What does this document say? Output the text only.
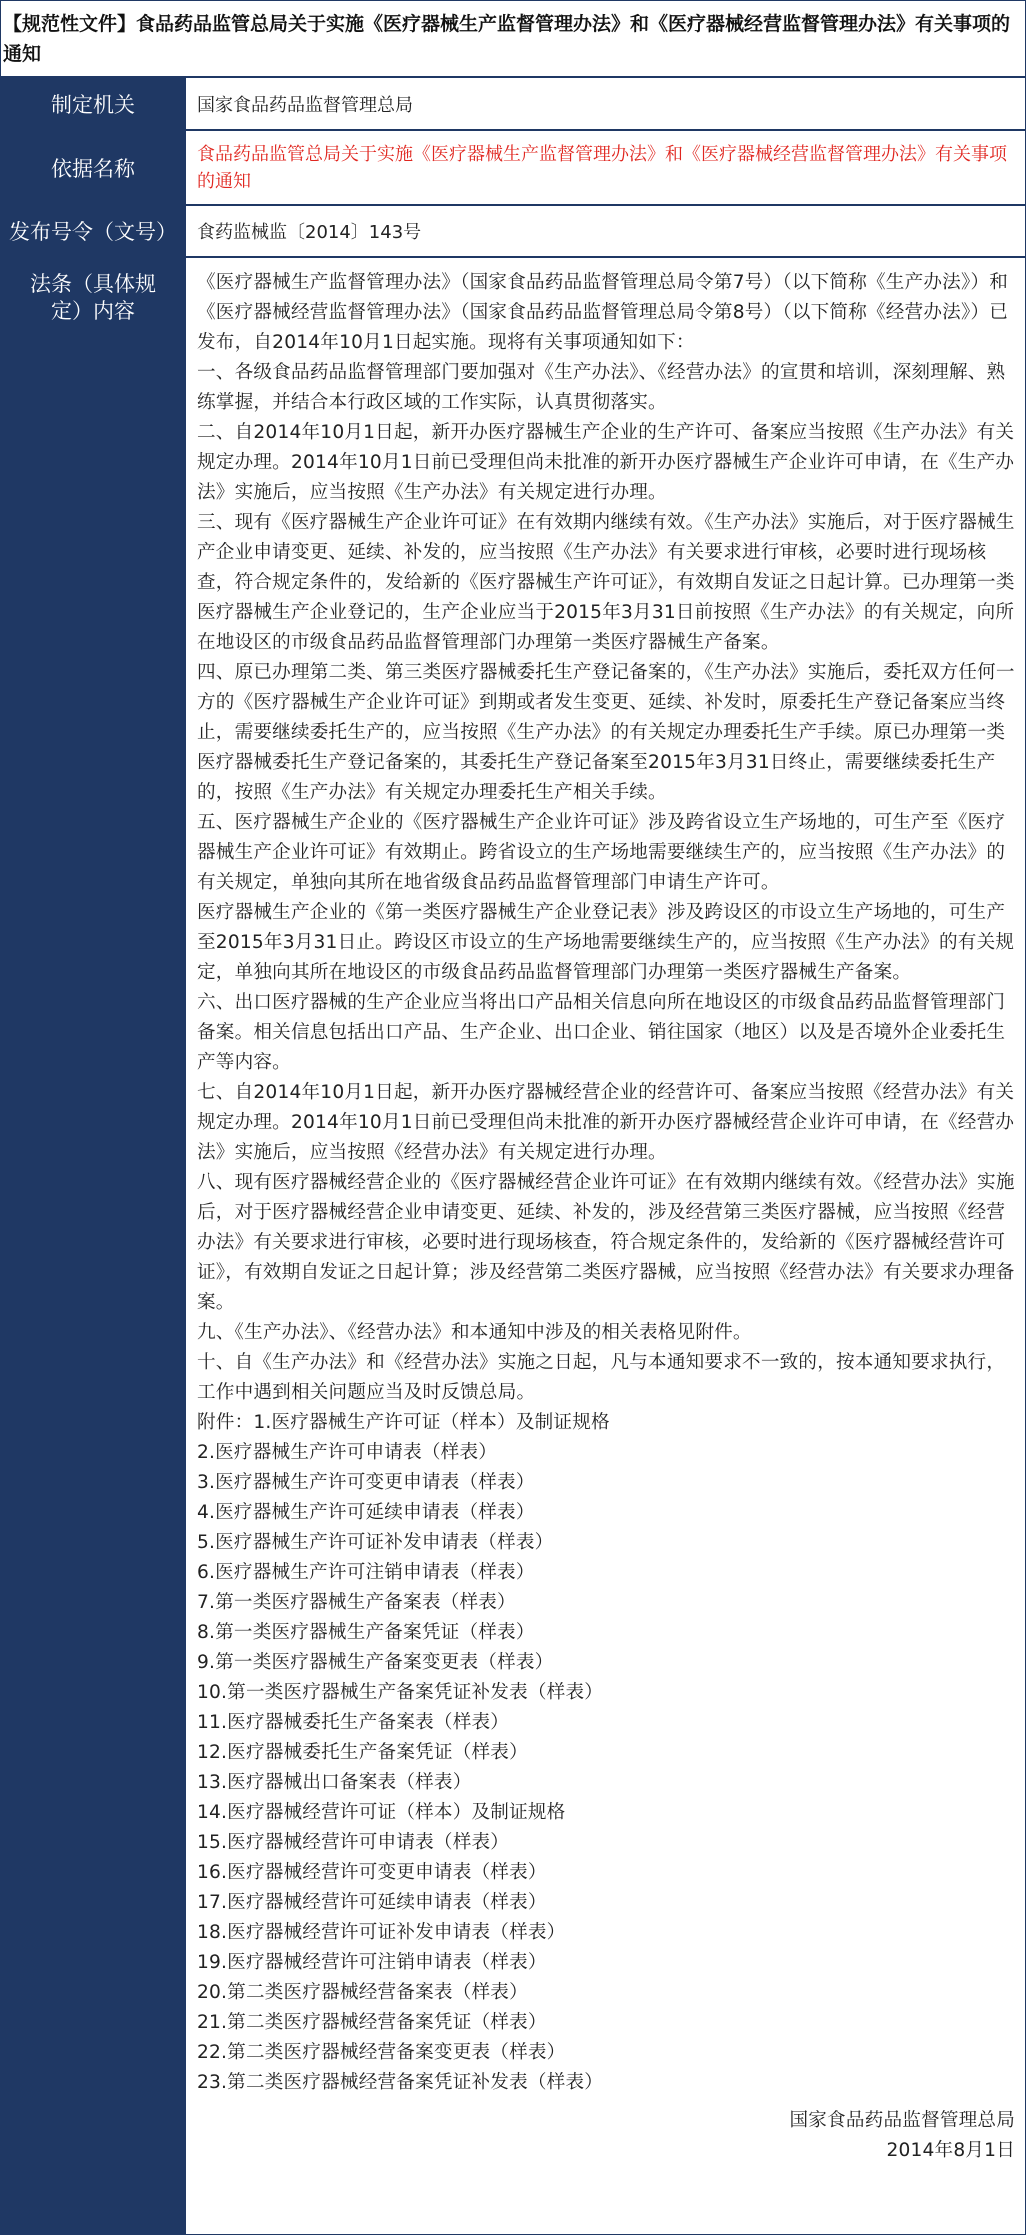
【规范性文件】食品药品监管总局关于实施《医疗器械生产监督管理办法》和《医疗器械经营监督管理办法》有关事项的通知
制定机关	国家食品药品监督管理总局
依据名称
食品药品监管总局关于实施《医疗器械生产监督管理办法》和《医疗器械经营监督管理办法》有关事项的通知
发布号令（文号）	食药监械监〔2014〕143号
法条（具体规定）内容

《医疗器械生产监督管理办法》（国家食品药品监督管理总局令第7号）（以下简称《生产办法》）和《医疗器械经营监督管理办法》（国家食品药品监督管理总局令第8号）（以下简称《经营办法》）已发布，自2014年10月1日起实施。现将有关事项通知如下：

一、各级食品药品监督管理部门要加强对《生产办法》、《经营办法》的宣贯和培训，深刻理解、熟练掌握，并结合本行政区域的工作实际，认真贯彻落实。

二、自2014年10月1日起，新开办医疗器械生产企业的生产许可、备案应当按照《生产办法》有关规定办理。2014年10月1日前已受理但尚未批准的新开办医疗器械生产企业许可申请，在《生产办法》实施后，应当按照《生产办法》有关规定进行办理。

三、现有《医疗器械生产企业许可证》在有效期内继续有效。《生产办法》实施后，对于医疗器械生产企业申请变更、延续、补发的，应当按照《生产办法》有关要求进行审核，必要时进行现场核查，符合规定条件的，发给新的《医疗器械生产许可证》，有效期自发证之日起计算。已办理第一类医疗器械生产企业登记的，生产企业应当于2015年3月31日前按照《生产办法》的有关规定，向所在地设区的市级食品药品监督管理部门办理第一类医疗器械生产备案。

四、原已办理第二类、第三类医疗器械委托生产登记备案的，《生产办法》实施后，委托双方任何一方的《医疗器械生产企业许可证》到期或者发生变更、延续、补发时，原委托生产登记备案应当终止，需要继续委托生产的，应当按照《生产办法》的有关规定办理委托生产手续。原已办理第一类医疗器械委托生产登记备案的，其委托生产登记备案至2015年3月31日终止，需要继续委托生产的，按照《生产办法》有关规定办理委托生产相关手续。

五、医疗器械生产企业的《医疗器械生产企业许可证》涉及跨省设立生产场地的，可生产至《医疗器械生产企业许可证》有效期止。跨省设立的生产场地需要继续生产的，应当按照《生产办法》的有关规定，单独向其所在地省级食品药品监督管理部门申请生产许可。

医疗器械生产企业的《第一类医疗器械生产企业登记表》涉及跨设区的市设立生产场地的，可生产至2015年3月31日止。跨设区市设立的生产场地需要继续生产的，应当按照《生产办法》的有关规定，单独向其所在地设区的市级食品药品监督管理部门办理第一类医疗器械生产备案。

六、出口医疗器械的生产企业应当将出口产品相关信息向所在地设区的市级食品药品监督管理部门备案。相关信息包括出口产品、生产企业、出口企业、销往国家（地区）以及是否境外企业委托生产等内容。

七、自2014年10月1日起，新开办医疗器械经营企业的经营许可、备案应当按照《经营办法》有关规定办理。2014年10月1日前已受理但尚未批准的新开办医疗器械经营企业许可申请，在《经营办法》实施后，应当按照《经营办法》有关规定进行办理。

八、现有医疗器械经营企业的《医疗器械经营企业许可证》在有效期内继续有效。《经营办法》实施后，对于医疗器械经营企业申请变更、延续、补发的，涉及经营第三类医疗器械，应当按照《经营办法》有关要求进行审核，必要时进行现场核查，符合规定条件的，发给新的《医疗器械经营许可证》，有效期自发证之日起计算；涉及经营第二类医疗器械，应当按照《经营办法》有关要求办理备案。

九、《生产办法》、《经营办法》和本通知中涉及的相关表格见附件。

十、自《生产办法》和《经营办法》实施之日起，凡与本通知要求不一致的，按本通知要求执行，工作中遇到相关问题应当及时反馈总局。

附件：1.医疗器械生产许可证（样本）及制证规格

2.医疗器械生产许可申请表（样表）

3.医疗器械生产许可变更申请表（样表）

4.医疗器械生产许可延续申请表（样表）

5.医疗器械生产许可证补发申请表（样表）

6.医疗器械生产许可注销申请表（样表）

7.第一类医疗器械生产备案表（样表）

8.第一类医疗器械生产备案凭证（样表）

9.第一类医疗器械生产备案变更表（样表）

10.第一类医疗器械生产备案凭证补发表（样表）

11.医疗器械委托生产备案表（样表）

12.医疗器械委托生产备案凭证（样表）

13.医疗器械出口备案表（样表）

14.医疗器械经营许可证（样本）及制证规格

15.医疗器械经营许可申请表（样表）

16.医疗器械经营许可变更申请表（样表）

17.医疗器械经营许可延续申请表（样表）

18.医疗器械经营许可证补发申请表（样表）

19.医疗器械经营许可注销申请表（样表）

20.第二类医疗器械经营备案表（样表）

21.第二类医疗器械经营备案凭证（样表）

22.第二类医疗器械经营备案变更表（样表）

23.第二类医疗器械经营备案凭证补发表（样表）

国家食品药品监督管理总局
2014年8月1日
